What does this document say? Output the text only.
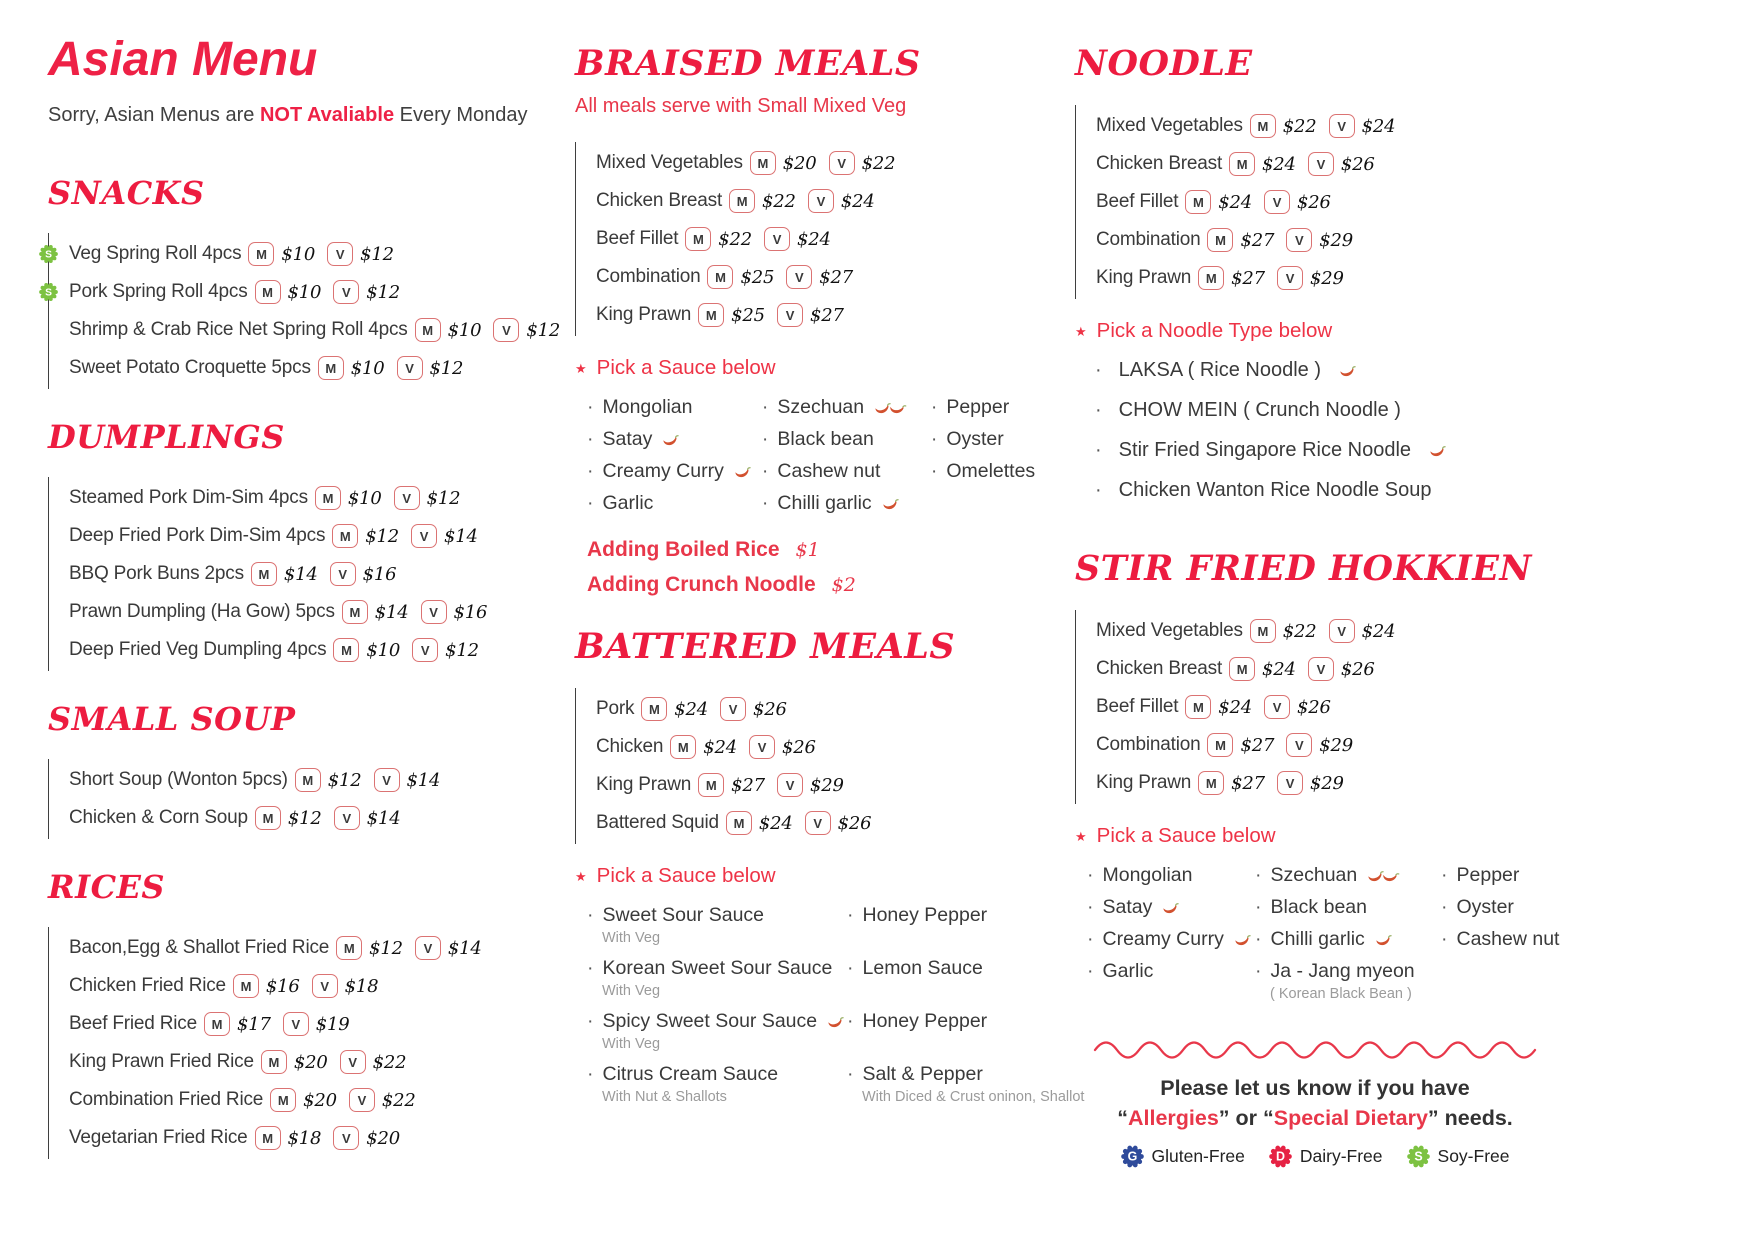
Asian Menu
Sorry, Asian Menus are NOT Avaliable Every Monday
SNACKS
S Veg Spring Roll 4pcs	M $10	V $12
S Pork Spring Roll 4pcs	M $10	V $12
Shrimp & Crab Rice Net Spring Roll 4pcs	M $10	V $12
Sweet Potato Croquette 5pcs	M $10	V $12
DUMPLINGS
Steamed Pork Dim-Sim 4pcs	M $10	V $12
Deep Fried Pork Dim-Sim 4pcs	M $12	V $14
BBQ Pork Buns 2pcs	M $14	V $16
Prawn Dumpling (Ha Gow) 5pcs	M $14	V $16
Deep Fried Veg Dumpling 4pcs	M $10	V $12
SMALL SOUP
Short Soup (Wonton 5pcs)	M $12	V $14
Chicken & Corn Soup	M $12	V $14
RICES
Bacon,Egg & Shallot Fried Rice	M $12	V $14
Chicken Fried Rice	M $16	V $18
Beef Fried Rice	M $17	V $19
King Prawn Fried Rice	M $20	V $22
Combination Fried Rice	M $20	V $22
Vegetarian Fried Rice	M $18	V $20
BRAISED MEALS

All meals serve with Small Mixed Veg

Mixed Vegetables	M $20	V $22
Chicken Breast	M $22	V $24
Beef Fillet	M $22	V $24
Combination	M $25	V $27
King Prawn	M $25	V $27
★ Pick a Sauce below
· Mongolian
· Satay
· Creamy Curry
· Garlic
· Szechuan
· Black bean
· Cashew nut
· Chilli garlic
· Pepper
· Oyster
· Omelettes
Adding Boiled Rice $1
Adding Crunch Noodle $2
BATTERED MEALS
Pork	M $24	V $26
Chicken	M $24	V $26
King Prawn	M $27	V $29
Battered Squid	M $24	V $26
★ Pick a Sauce below
· Sweet Sour Sauce
With Veg
· Korean Sweet Sour Sauce
With Veg
· Spicy Sweet Sour Sauce
With Veg
· Citrus Cream Sauce
With Nut & Shallots
· Honey Pepper
· Lemon Sauce
· Honey Pepper
· Salt & Pepper
With Diced & Crust oninon, Shallot
NOODLE
Mixed Vegetables	M $22	V $24
Chicken Breast	M $24	V $26
Beef Fillet	M $24	V $26
Combination	M $27	V $29
King Prawn	M $27	V $29
★ Pick a Noodle Type below
· LAKSA ( Rice Noodle )
· CHOW MEIN ( Crunch Noodle )
· Stir Fried Singapore Rice Noodle
· Chicken Wanton Rice Noodle Soup
STIR FRIED HOKKIEN
Mixed Vegetables	M $22	V $24
Chicken Breast	M $24	V $26
Beef Fillet	M $24	V $26
Combination	M $27	V $29
King Prawn	M $27	V $29
★ Pick a Sauce below
· Mongolian
· Satay
· Creamy Curry
· Garlic
· Szechuan
· Black bean
· Chilli garlic
· Ja - Jang myeon
( Korean Black Bean )
· Pepper
· Oyster
· Cashew nut
Please let us know if you have
“Allergies” or “Special Dietary” needs.
G Gluten-Free D Dairy-Free S Soy-Free
